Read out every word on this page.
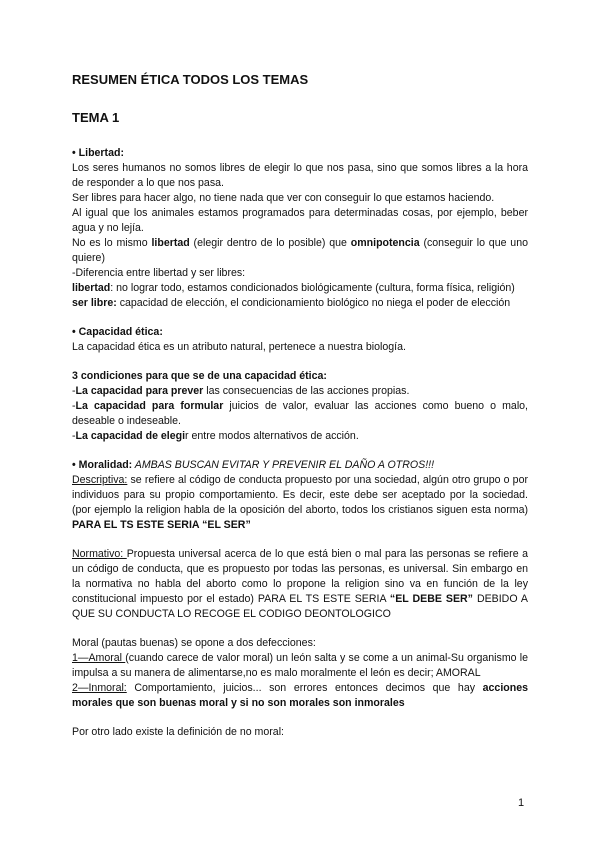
RESUMEN ÉTICA TODOS LOS TEMAS
TEMA 1

• Libertad:

Los seres humanos no somos libres de elegir lo que nos pasa, sino que somos libres a la hora de responder a lo que nos pasa.

Ser libres para hacer algo, no tiene nada que ver con conseguir lo que estamos haciendo.

Al igual que los animales estamos programados para determinadas cosas, por ejemplo, beber agua y no lejía.

No es lo mismo libertad (elegir dentro de lo posible) que omnipotencia (conseguir lo que uno quiere)

-Diferencia entre libertad y ser libres:

libertad: no lograr todo, estamos condicionados biológicamente (cultura, forma física, religión)

ser libre: capacidad de elección, el condicionamiento biológico no niega el poder de elección

• Capacidad ética:

La capacidad ética es un atributo natural, pertenece a nuestra biología.

3 condiciones para que se de una capacidad ética:

-La capacidad para prever las consecuencias de las acciones propias.

-La capacidad para formular juicios de valor, evaluar las acciones como bueno o malo, deseable o indeseable.

-La capacidad de elegir entre modos alternativos de acción.

• Moralidad: AMBAS BUSCAN EVITAR Y PREVENIR EL DAÑO A OTROS!!!

Descriptiva: se refiere al código de conducta propuesto por una sociedad, algún otro grupo o por individuos para su propio comportamiento. Es decir, este debe ser aceptado por la sociedad. (por ejemplo la religion habla de la oposición del aborto, todos los cristianos siguen esta norma) PARA EL TS ESTE SERIA “EL SER”

Normativo: Propuesta universal acerca de lo que está bien o mal para las personas se refiere a un código de conducta, que es propuesto por todas las personas, es universal. Sin embargo en la normativa no habla del aborto como lo propone la religion sino va en función de la ley constitucional impuesto por el estado) PARA EL TS ESTE SERIA “EL DEBE SER” DEBIDO A QUE SU CONDUCTA LO RECOGE EL CODIGO DEONTOLOGICO

Moral (pautas buenas) se opone a dos defecciones:

1—Amoral (cuando carece de valor moral) un león salta y se come a un animal-Su organismo le impulsa a su manera de alimentarse,no es malo moralmente el león es decir; AMORAL

2—Inmoral: Comportamiento, juicios... son errores entonces decimos que hay acciones morales que son buenas moral y si no son morales son inmorales

Por otro lado existe la definición de no moral:

1
